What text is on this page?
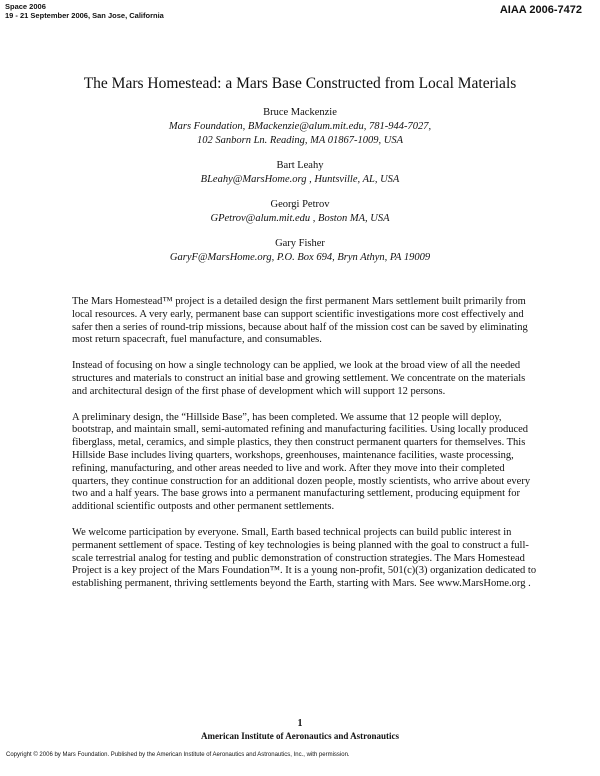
Space 2006
19 - 21 September 2006, San Jose, California	AIAA 2006-7472
The Mars Homestead: a Mars Base Constructed from Local Materials
Bruce Mackenzie
Mars Foundation, BMackenzie@alum.mit.edu, 781-944-7027,
102 Sanborn Ln. Reading, MA 01867-1009, USA
Bart Leahy
BLeahy@MarsHome.org , Huntsville, AL, USA
Georgi Petrov
GPetrov@alum.mit.edu , Boston MA, USA
Gary Fisher
GaryF@MarsHome.org, P.O. Box 694, Bryn Athyn, PA 19009

The Mars Homestead™ project is a detailed design the first permanent Mars settlement built primarily from local resources. A very early, permanent base can support scientific investigations more cost effectively and safer then a series of round-trip missions, because about half of the mission cost can be saved by eliminating most return spacecraft, fuel manufacture, and consumables.

Instead of focusing on how a single technology can be applied, we look at the broad view of all the needed structures and materials to construct an initial base and growing settlement. We concentrate on the materials and architectural design of the first phase of development which will support 12 persons.

A preliminary design, the “Hillside Base”, has been completed. We assume that 12 people will deploy, bootstrap, and maintain small, semi-automated refining and manufacturing facilities. Using locally produced fiberglass, metal, ceramics, and simple plastics, they then construct permanent quarters for themselves. This Hillside Base includes living quarters, workshops, greenhouses, maintenance facilities, waste processing, refining, manufacturing, and other areas needed to live and work. After they move into their completed quarters, they continue construction for an additional dozen people, mostly scientists, who arrive about every two and a half years. The base grows into a permanent manufacturing settlement, producing equipment for additional scientific outposts and other permanent settlements.

We welcome participation by everyone. Small, Earth based technical projects can build public interest in permanent settlement of space. Testing of key technologies is being planned with the goal to construct a full-scale terrestrial analog for testing and public demonstration of construction strategies. The Mars Homestead Project is a key project of the Mars Foundation™. It is a young non-profit, 501(c)(3) organization dedicated to establishing permanent, thriving settlements beyond the Earth, starting with Mars. See www.MarsHome.org .

1
American Institute of Aeronautics and Astronautics
Copyright © 2006 by Mars Foundation. Published by the American Institute of Aeronautics and Astronautics, Inc., with permission.
